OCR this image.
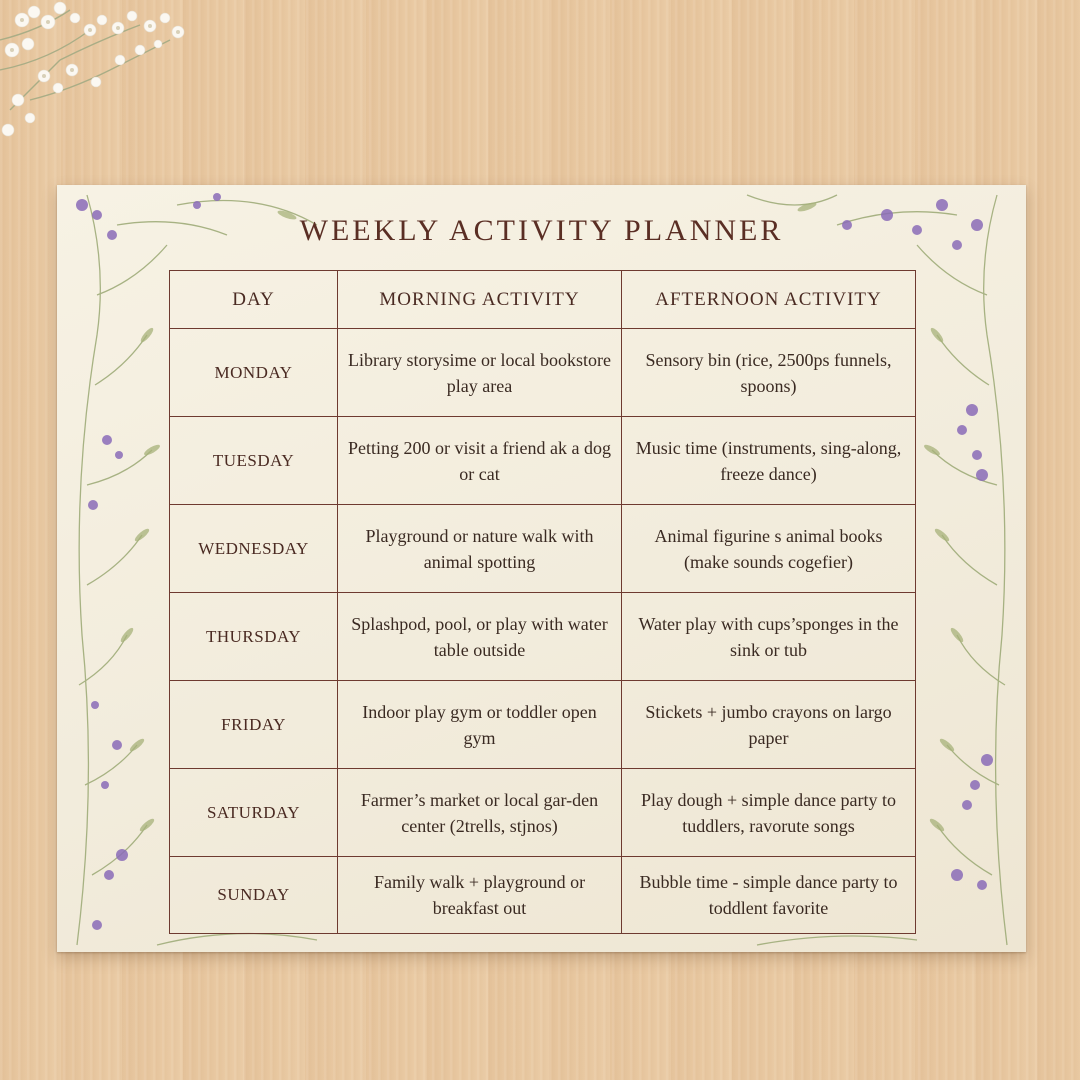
WEEKLY ACTIVITY PLANNER
DAY	MORNING ACTIVITY	AFTERNOON ACTIVITY
MONDAY	Library storysime or local bookstore play area	Sensory bin (rice, 2500ps funnels, spoons)
TUESDAY	Petting 200 or visit a friend ak a dog or cat	Music time (instruments, sing-along, freeze dance)
WEDNESDAY	Playground or nature walk with animal spotting	Animal figurine s animal books (make sounds cogefier)
THURSDAY	Splashpod, pool, or play with water table outside	Water play with cups’sponges in the sink or tub
FRIDAY	Indoor play gym or toddler open gym	Stickets + jumbo crayons on largo paper
SATURDAY	Farmer’s market or local gar-den center (2trells, stjnos)	Play dough + simple dance party to tuddlers, ravorute songs
SUNDAY	Family walk + playground or breakfast out	Bubble time - simple dance party to toddlent favorite
